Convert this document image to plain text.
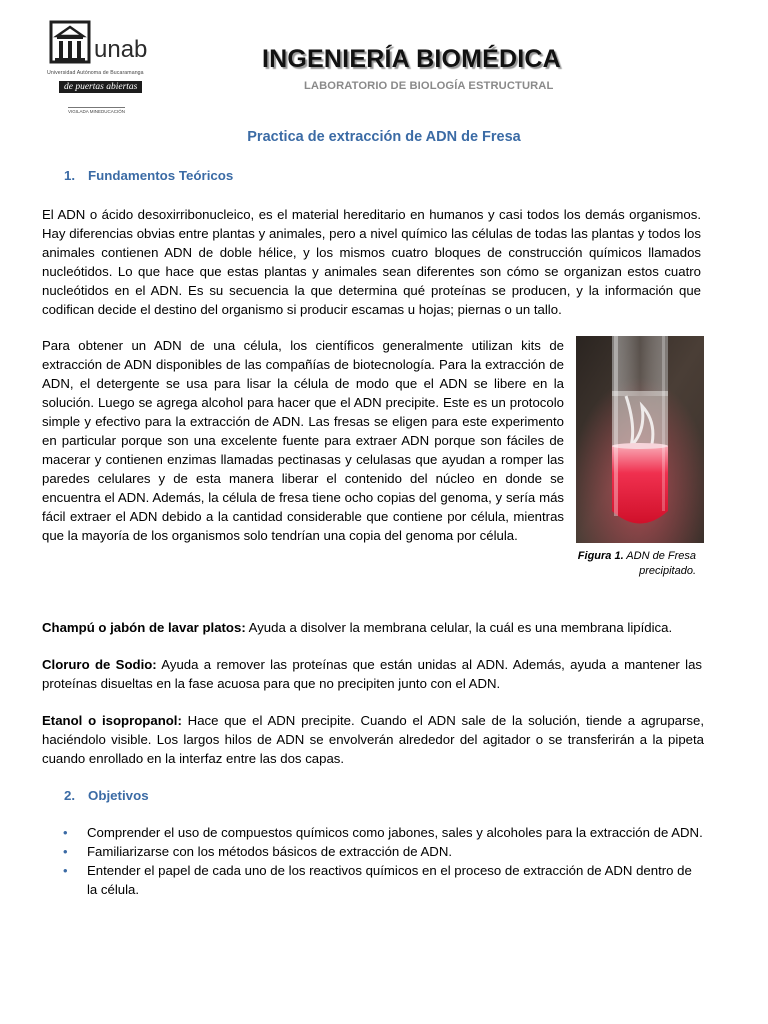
unab
Universidad Autónoma de Bucaramanga
de puertas abiertas
VIGILADA MINEDUCACIÓN
INGENIERÍA BIOMÉDICA
LABORATORIO DE BIOLOGÍA ESTRUCTURAL
Practica de extracción de ADN de Fresa
1. Fundamentos Teóricos
El ADN o ácido desoxirribonucleico, es el material hereditario en humanos y casi todos los demás organismos. Hay diferencias obvias entre plantas y animales, pero a nivel químico las células de todas las plantas y todos los animales contienen ADN de doble hélice, y los mismos cuatro bloques de construcción químicos llamados nucleótidos. Lo que hace que estas plantas y animales sean diferentes son cómo se organizan estos cuatro nucleótidos en el ADN. Es su secuencia la que determina qué proteínas se producen, y la información que codifican decide el destino del organismo si producir escamas u hojas; piernas o un tallo.
Para obtener un ADN de una célula, los científicos generalmente utilizan kits de extracción de ADN disponibles de las compañías de biotecnología. Para la extracción de ADN, el detergente se usa para lisar la célula de modo que el ADN se libere en la solución. Luego se agrega alcohol para hacer que el ADN precipite. Este es un protocolo simple y efectivo para la extracción de ADN. Las fresas se eligen para este experimento en particular porque son una excelente fuente para extraer ADN porque son fáciles de macerar y contienen enzimas llamadas pectinasas y celulasas que ayudan a romper las paredes celulares y de esta manera liberar el contenido del núcleo en donde se encuentra el ADN. Además, la célula de fresa tiene ocho copias del genoma, y sería más fácil extraer el ADN debido a la cantidad considerable que contiene por célula, mientras que la mayoría de los organismos solo tendrían una copia del genoma por célula.
Figura 1. ADN de Fresa
precipitado.
Champú o jabón de lavar platos: Ayuda a disolver la membrana celular, la cuál es una membrana lipídica.
Cloruro de Sodio: Ayuda a remover las proteínas que están unidas al ADN. Además, ayuda a mantener las proteínas disueltas en la fase acuosa para que no precipiten junto con el ADN.
Etanol o isopropanol: Hace que el ADN precipite. Cuando el ADN sale de la solución, tiende a agruparse, haciéndolo visible. Los largos hilos de ADN se envolverán alrededor del agitador o se transferirán a la pipeta cuando enrollado en la interfaz entre las dos capas.
2. Objetivos
• Comprender el uso de compuestos químicos como jabones, sales y alcoholes para la extracción de ADN.
• Familiarizarse con los métodos básicos de extracción de ADN.
• Entender el papel de cada uno de los reactivos químicos en el proceso de extracción de ADN dentro de la célula.
